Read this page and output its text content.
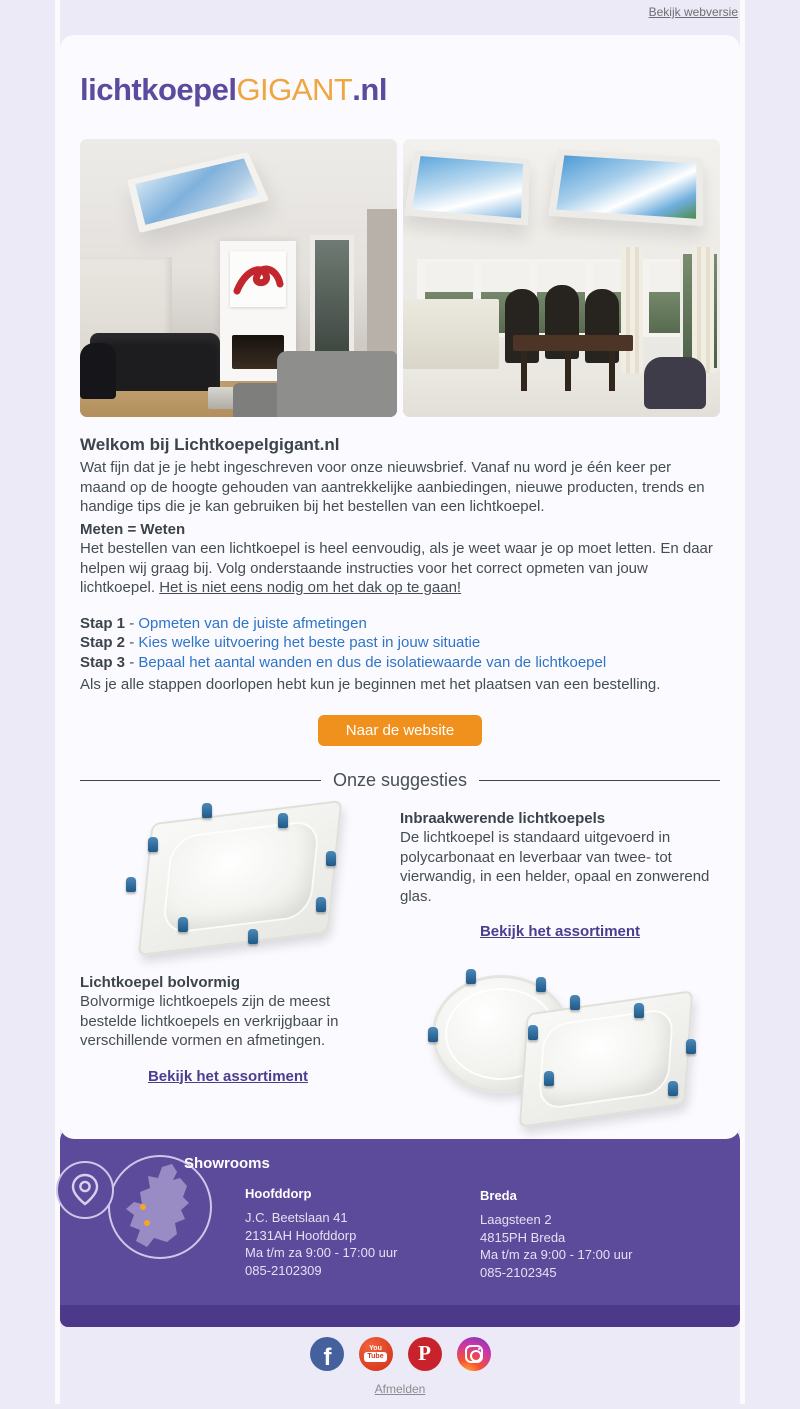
Bekijk webversie
lichtkoepelGIGANT.nl
Welkom bij Lichtkoepelgigant.nl

Wat fijn dat je je hebt ingeschreven voor onze nieuwsbrief. Vanaf nu word je één keer per maand op de hoogte gehouden van aantrekkelijke aanbiedingen, nieuwe producten, trends en handige tips die je kan gebruiken bij het bestellen van een lichtkoepel.

Meten = Weten
Het bestellen van een lichtkoepel is heel eenvoudig, als je weet waar je op moet letten. En daar helpen wij graag bij. Volg onderstaande instructies voor het correct opmeten van jouw lichtkoepel. Het is niet eens nodig om het dak op te gaan!

Stap 1 - Opmeten van de juiste afmetingen
Stap 2 - Kies welke uitvoering het beste past in jouw situatie
Stap 3 - Bepaal het aantal wanden en dus de isolatiewaarde van de lichtkoepel

Als je alle stappen doorlopen hebt kun je beginnen met het plaatsen van een bestelling.

Naar de website
Onze suggesties
Inbraakwerende lichtkoepels
De lichtkoepel is standaard uitgevoerd in polycarbonaat en leverbaar van twee- tot vierwandig, in een helder, opaal en zonwerend glas.
Bekijk het assortiment
Lichtkoepel bolvormig
Bolvormige lichtkoepels zijn de meest bestelde lichtkoepels en verkrijgbaar in verschillende vormen en afmetingen.
Bekijk het assortiment
Showrooms
Hoofddorp
J.C. Beetslaan 41
2131AH Hoofddorp
Ma t/m za 9:00 - 17:00 uur
085-2102309
Breda
Laagsteen 2
4815PH Breda
Ma t/m za 9:00 - 17:00 uur
085-2102345
f	You
Tube P
Afmelden
